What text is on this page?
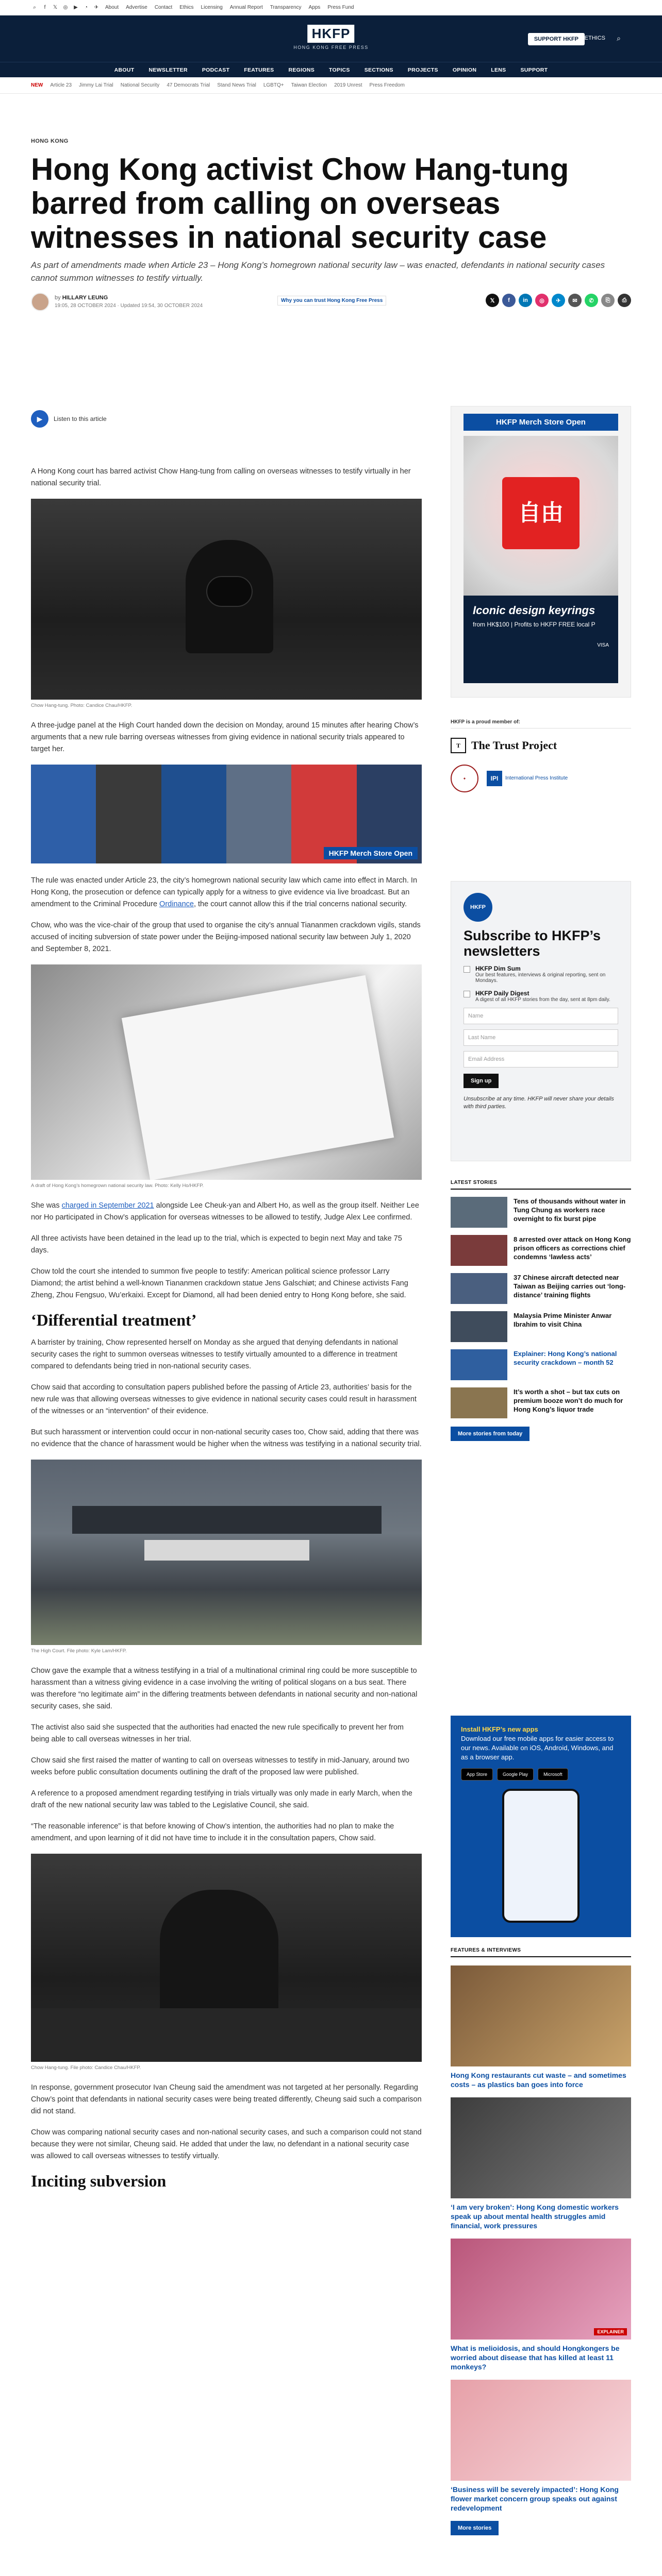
⌕	f	𝕏 ◎	▶	◔	✈ About Advertise Contact Ethics Licensing Annual Report Transparency Apps Press Fund
HKFP
HONG KONG FREE PRESS
SUPPORT HKFP	ETHICS ⌕
ABOUT	NEWSLETTER	PODCAST	FEATURES	REGIONS	TOPICS	SECTIONS	PROJECTS	OPINION	LENS	SUPPORT
NEW Article 23 Jimmy Lai Trial National Security 47 Democrats Trial Stand News Trial LGBTQ+ Taiwan Election 2019 Unrest Press Freedom
HONG KONG
Hong Kong activist Chow Hang-tung barred from calling on overseas witnesses in national security case

As part of amendments made when Article 23 – Hong Kong’s homegrown national security law – was enacted, defendants in national security cases cannot summon witnesses to testify virtually.

by HILLARY LEUNG
19:05, 28 OCTOBER 2024 · Updated 19:54, 30 OCTOBER 2024
Why you can trust Hong Kong Free Press	𝕏	f	in	◎	✈	✉	✆	⎘	⎙
▶	Listen to this article

A Hong Kong court has barred activist Chow Hang-tung from calling on overseas witnesses to testify virtually in her national security trial.

Chow Hang-tung. Photo: Candice Chau/HKFP.

A three-judge panel at the High Court handed down the decision on Monday, around 15 minutes after hearing Chow’s arguments that a new rule barring overseas witnesses from giving evidence in national security trials appeared to target her.

HKFP Merch Store Open

The rule was enacted under Article 23, the city’s homegrown national security law which came into effect in March. In Hong Kong, the prosecution or defence can typically apply for a witness to give evidence via live broadcast. But an amendment to the Criminal Procedure Ordinance, the court cannot allow this if the trial concerns national security.

Chow, who was the vice-chair of the group that used to organise the city’s annual Tiananmen crackdown vigils, stands accused of inciting subversion of state power under the Beijing-imposed national security law between July 1, 2020 and September 8, 2021.

A draft of Hong Kong’s homegrown national security law. Photo: Kelly Ho/HKFP.

She was charged in September 2021 alongside Lee Cheuk-yan and Albert Ho, as well as the group itself. Neither Lee nor Ho participated in Chow’s application for overseas witnesses to be allowed to testify, Judge Alex Lee confirmed.

All three activists have been detained in the lead up to the trial, which is expected to begin next May and take 75 days.

Chow told the court she intended to summon five people to testify: American political science professor Larry Diamond; the artist behind a well-known Tiananmen crackdown statue Jens Galschiøt; and Chinese activists Fang Zheng, Zhou Fengsuo, Wu’erkaixi. Except for Diamond, all had been denied entry to Hong Kong before, she said.

‘Differential treatment’

A barrister by training, Chow represented herself on Monday as she argued that denying defendants in national security cases the right to summon overseas witnesses to testify virtually amounted to a difference in treatment compared to defendants being tried in non-national security cases.

Chow said that according to consultation papers published before the passing of Article 23, authorities’ basis for the new rule was that allowing overseas witnesses to give evidence in national security cases could result in harassment of the witnesses or an “intervention” of their evidence.

But such harassment or intervention could occur in non-national security cases too, Chow said, adding that there was no evidence that the chance of harassment would be higher when the witness was testifying in a national security trial.

The High Court. File photo: Kyle Lam/HKFP.

Chow gave the example that a witness testifying in a trial of a multinational criminal ring could be more susceptible to harassment than a witness giving evidence in a case involving the writing of political slogans on a bus seat. There was therefore “no legitimate aim” in the differing treatments between defendants in national security and non-national security cases, she said.

The activist also said she suspected that the authorities had enacted the new rule specifically to prevent her from being able to call overseas witnesses in her trial.

Chow said she first raised the matter of wanting to call on overseas witnesses to testify in mid-January, around two weeks before public consultation documents outlining the draft of the proposed law were published.

A reference to a proposed amendment regarding testifying in trials virtually was only made in early March, when the draft of the new national security law was tabled to the Legislative Council, she said.

“The reasonable inference” is that before knowing of Chow’s intention, the authorities had no plan to make the amendment, and upon learning of it did not have time to include it in the consultation papers, Chow said.

Chow Hang-tung. File photo: Candice Chau/HKFP.

In response, government prosecutor Ivan Cheung said the amendment was not targeted at her personally. Regarding Chow’s point that defendants in national security cases were being treated differently, Cheung said such a comparison did not stand.

Chow was comparing national security cases and non-national security cases, and such a comparison could not stand because they were not similar, Cheung said. He added that under the law, no defendant in a national security case was allowed to call overseas witnesses to testify virtually.

Inciting subversion
HKFP Merch Store Open
自由
Iconic design keyrings
from HK$100 | Profits to HKFP FREE local P
VISA
HKFP is a proud member of:
T The Trust Project
✦	IPI	International Press Institute
HKFP
Subscribe to HKFP’s newsletters
HKFP Dim Sum
Our best features, interviews & original reporting, sent on Mondays.
HKFP Daily Digest
A digest of all HKFP stories from the day, sent at 8pm daily.
Name
Last Name
Email Address
Sign up
Unsubscribe at any time. HKFP will never share your details with third parties.
LATEST STORIES
Tens of thousands without water in Tung Chung as workers race overnight to fix burst pipe
8 arrested over attack on Hong Kong prison officers as corrections chief condemns ‘lawless acts’
37 Chinese aircraft detected near Taiwan as Beijing carries out ‘long-distance’ training flights
Malaysia Prime Minister Anwar Ibrahim to visit China
Explainer: Hong Kong’s national security crackdown – month 52
It’s worth a shot – but tax cuts on premium booze won’t do much for Hong Kong’s liquor trade
More stories from today
Install HKFP’s new apps
Download our free mobile apps for easier access to our news. Available on iOS, Android, Windows, and as a browser app.
App Store	Google Play	Microsoft
FEATURES & INTERVIEWS
Hong Kong restaurants cut waste – and sometimes costs – as plastics ban goes into force
‘I am very broken’: Hong Kong domestic workers speak up about mental health struggles amid financial, work pressures
EXPLAINER
What is melioidosis, and should Hongkongers be worried about disease that has killed at least 11 monkeys?
‘Business will be severely impacted’: Hong Kong flower market concern group speaks out against redevelopment
More stories
